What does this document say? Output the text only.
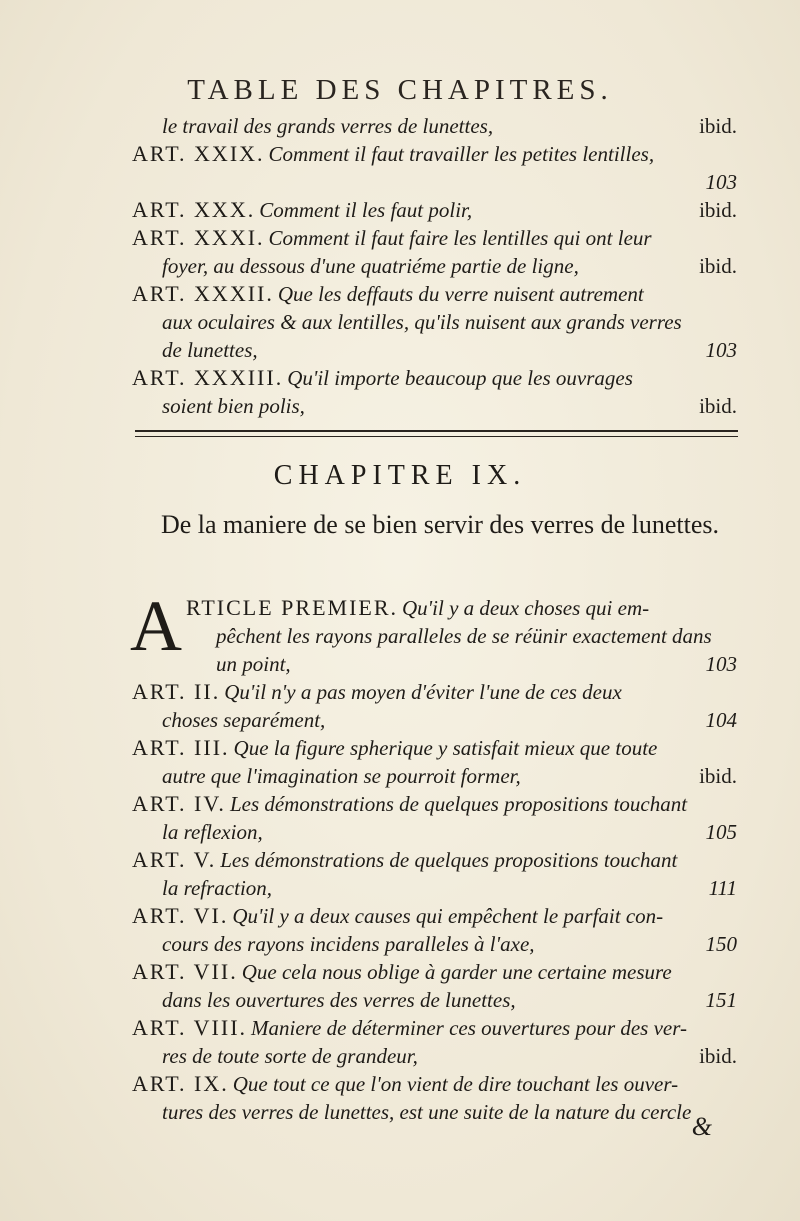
TABLE DES CHAPITRES.
le travail des grands verres de lunettes,	ibid.
ART. XXIX. Comment il faut travailler les petites lentilles,
103
ART. XXX. Comment il les faut polir,	ibid.
ART. XXXI. Comment il faut faire les lentilles qui ont leur
foyer, au dessous d'une quatriéme partie de ligne,	ibid.
ART. XXXII. Que les deffauts du verre nuisent autrement
aux oculaires & aux lentilles, qu'ils nuisent aux grands verres
de lunettes,	103
ART. XXXIII. Qu'il importe beaucoup que les ouvrages
soient bien polis,	ibid.
CHAPITRE IX.
De la maniere de se bien servir des verres de lunettes.
A RTICLE PREMIER. Qu'il y a deux choses qui em-
pêchent les rayons paralleles de se réünir exactement dans
un point,	103
ART. II. Qu'il n'y a pas moyen d'éviter l'une de ces deux
choses separément,	104
ART. III. Que la figure spherique y satisfait mieux que toute
autre que l'imagination se pourroit former,	ibid.
ART. IV. Les démonstrations de quelques propositions touchant
la reflexion,	105
ART. V. Les démonstrations de quelques propositions touchant
la refraction,	111
ART. VI. Qu'il y a deux causes qui empêchent le parfait con-
cours des rayons incidens paralleles à l'axe,	150
ART. VII. Que cela nous oblige à garder une certaine mesure
dans les ouvertures des verres de lunettes,	151
ART. VIII. Maniere de déterminer ces ouvertures pour des ver-
res de toute sorte de grandeur,	ibid.
ART. IX. Que tout ce que l'on vient de dire touchant les ouver-
tures des verres de lunettes, est une suite de la nature du cercle &
